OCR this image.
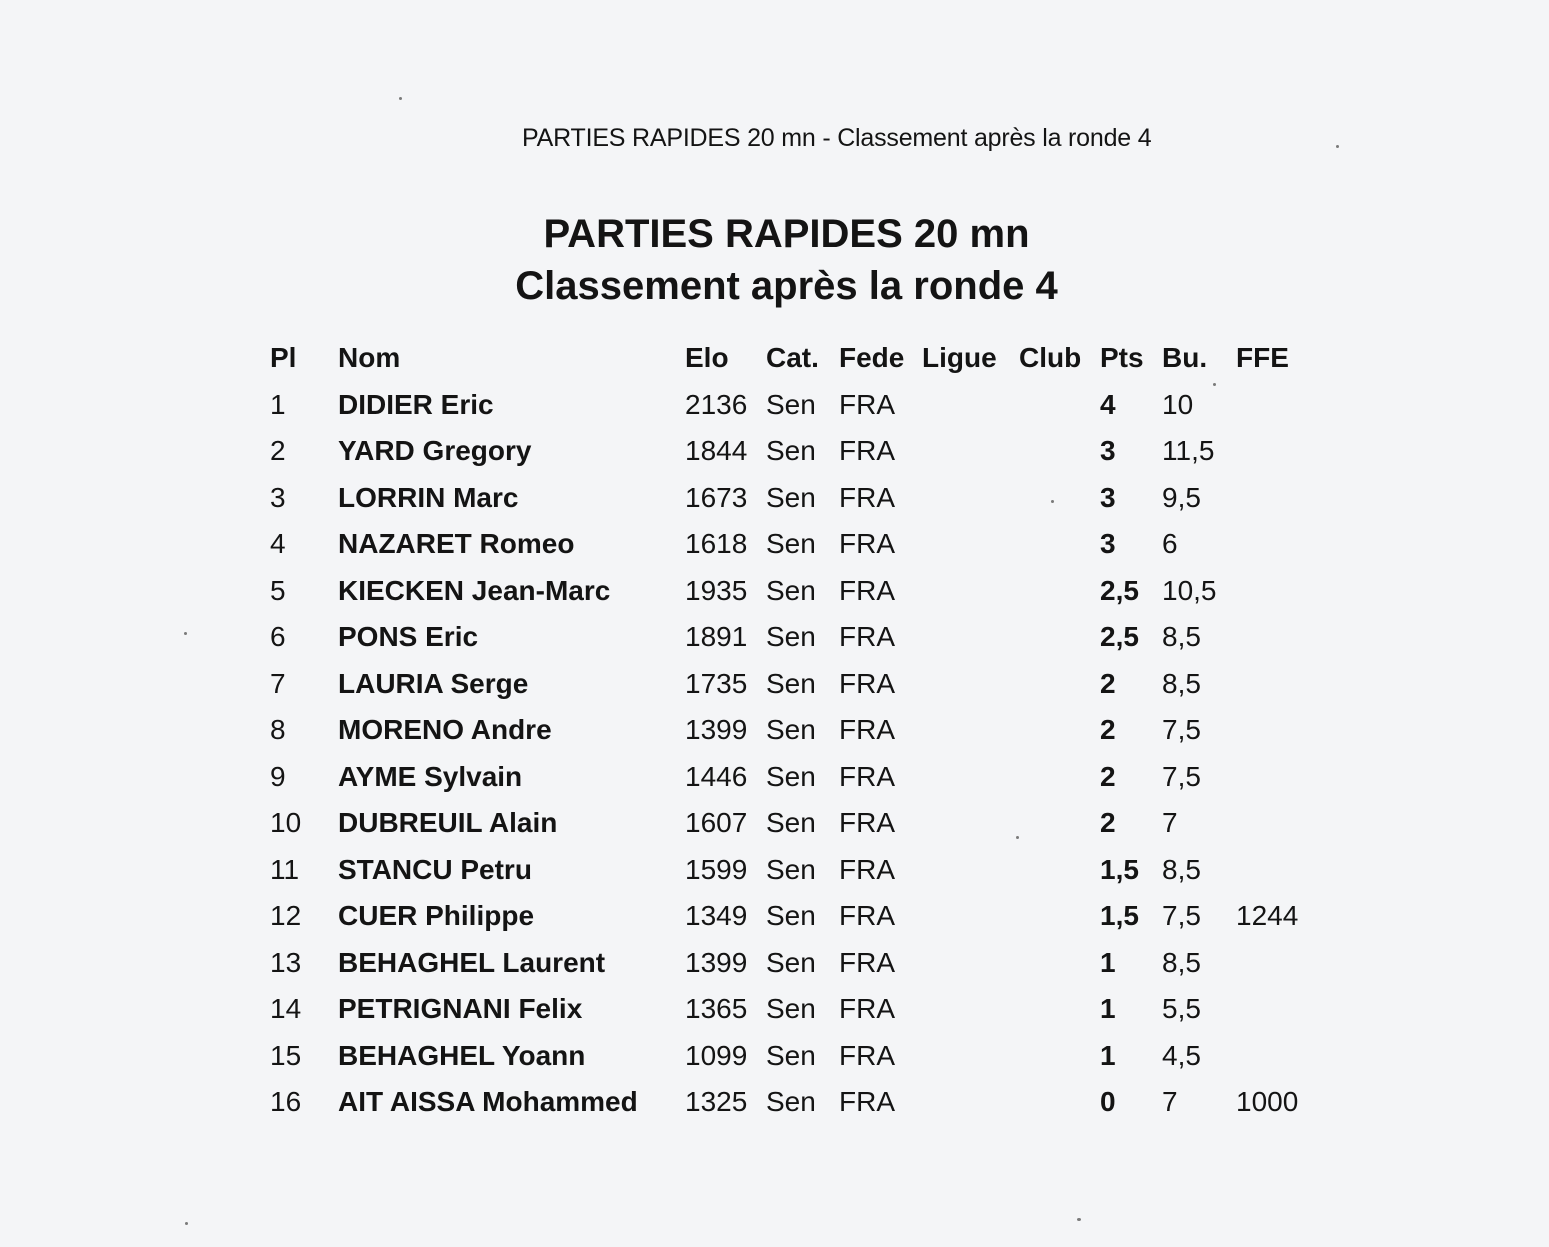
PARTIES RAPIDES 20 mn - Classement après la ronde 4
PARTIES RAPIDES 20 mn
Classement après la ronde 4
Pl Nom	Elo Cat. Fede Ligue Club Pts Bu. FFE
1 DIDIER Eric	2136 Sen FRA	4 10
2 YARD Gregory	1844 Sen FRA	3 11,5
3 LORRIN Marc	1673 Sen FRA	3 9,5
4 NAZARET Romeo	1618 Sen FRA	3 6
5 KIECKEN Jean-Marc	1935 Sen FRA	2,5 10,5
6 PONS Eric	1891 Sen FRA	2,5 8,5
7 LAURIA Serge	1735 Sen FRA	2 8,5
8 MORENO Andre	1399 Sen FRA	2 7,5
9 AYME Sylvain	1446 Sen FRA	2 7,5
10 DUBREUIL Alain	1607 Sen FRA	2 7
11 STANCU Petru	1599 Sen FRA	1,5 8,5
12 CUER Philippe	1349 Sen FRA	1,5 7,5 1244
13 BEHAGHEL Laurent	1399 Sen FRA	1 8,5
14 PETRIGNANI Felix	1365 Sen FRA	1 5,5
15 BEHAGHEL Yoann	1099 Sen FRA	1 4,5
16 AIT AISSA Mohammed 1325 Sen FRA	0 7 1000
